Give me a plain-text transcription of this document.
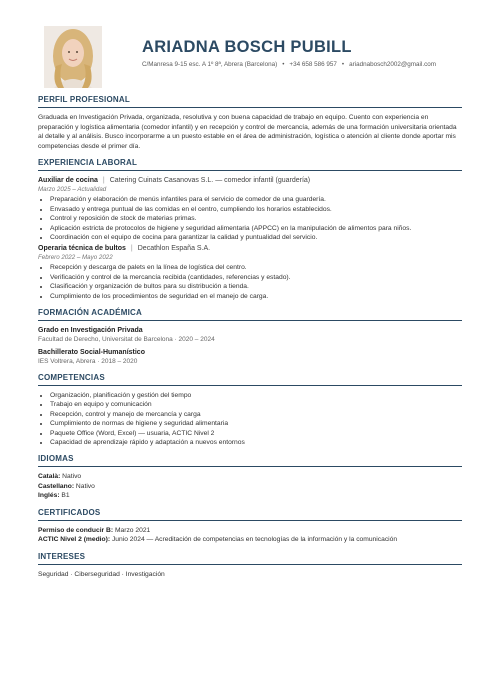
ARIADNA BOSCH PUBILL
C/Manresa 9-15 esc. A 1º 8ª, Abrera (Barcelona) • +34 658 586 957 • ariadnabosch2002@gmail.com
PERFIL PROFESIONAL
Graduada en Investigación Privada, organizada, resolutiva y con buena capacidad de trabajo en equipo. Cuento con experiencia en preparación y logística alimentaria (comedor infantil) y en recepción y control de mercancía, además de una formación universitaria orientada al detalle y al análisis. Busco incorporarme a un puesto estable en el área de administración, logística o atención al cliente donde aportar mis competencias desde el primer día.
EXPERIENCIA LABORAL
Auxiliar de cocina | Catering Cuinats Casanovas S.L. — comedor infantil (guardería)
Marzo 2025 – Actualidad
• Preparación y elaboración de menús infantiles para el servicio de comedor de una guardería.
• Envasado y entrega puntual de las comidas en el centro, cumpliendo los horarios establecidos.
• Control y reposición de stock de materias primas.
• Aplicación estricta de protocolos de higiene y seguridad alimentaria (APPCC) en la manipulación de alimentos para niños.
• Coordinación con el equipo de cocina para garantizar la calidad y puntualidad del servicio.
Operaria técnica de bultos | Decathlon España S.A.
Febrero 2022 – Mayo 2022
• Recepción y descarga de palets en la línea de logística del centro.
• Verificación y control de la mercancía recibida (cantidades, referencias y estado).
• Clasificación y organización de bultos para su distribución a tienda.
• Cumplimiento de los procedimientos de seguridad en el manejo de carga.
FORMACIÓN ACADÉMICA
Grado en Investigación Privada
Facultad de Derecho, Universitat de Barcelona · 2020 – 2024
Bachillerato Social-Humanístico
IES Voltrera, Abrera · 2018 – 2020
COMPETENCIAS
• Organización, planificación y gestión del tiempo
• Trabajo en equipo y comunicación
• Recepción, control y manejo de mercancía y carga
• Cumplimiento de normas de higiene y seguridad alimentaria
• Paquete Office (Word, Excel) — usuaria, ACTIC Nivel 2
• Capacidad de aprendizaje rápido y adaptación a nuevos entornos
IDIOMAS
Català: Nativo
Castellano: Nativo
Inglés: B1
CERTIFICADOS
Permiso de conducir B: Marzo 2021
ACTIC Nivel 2 (medio): Junio 2024 — Acreditación de competencias en tecnologías de la información y la comunicación
INTERESES
Seguridad · Ciberseguridad · Investigación
